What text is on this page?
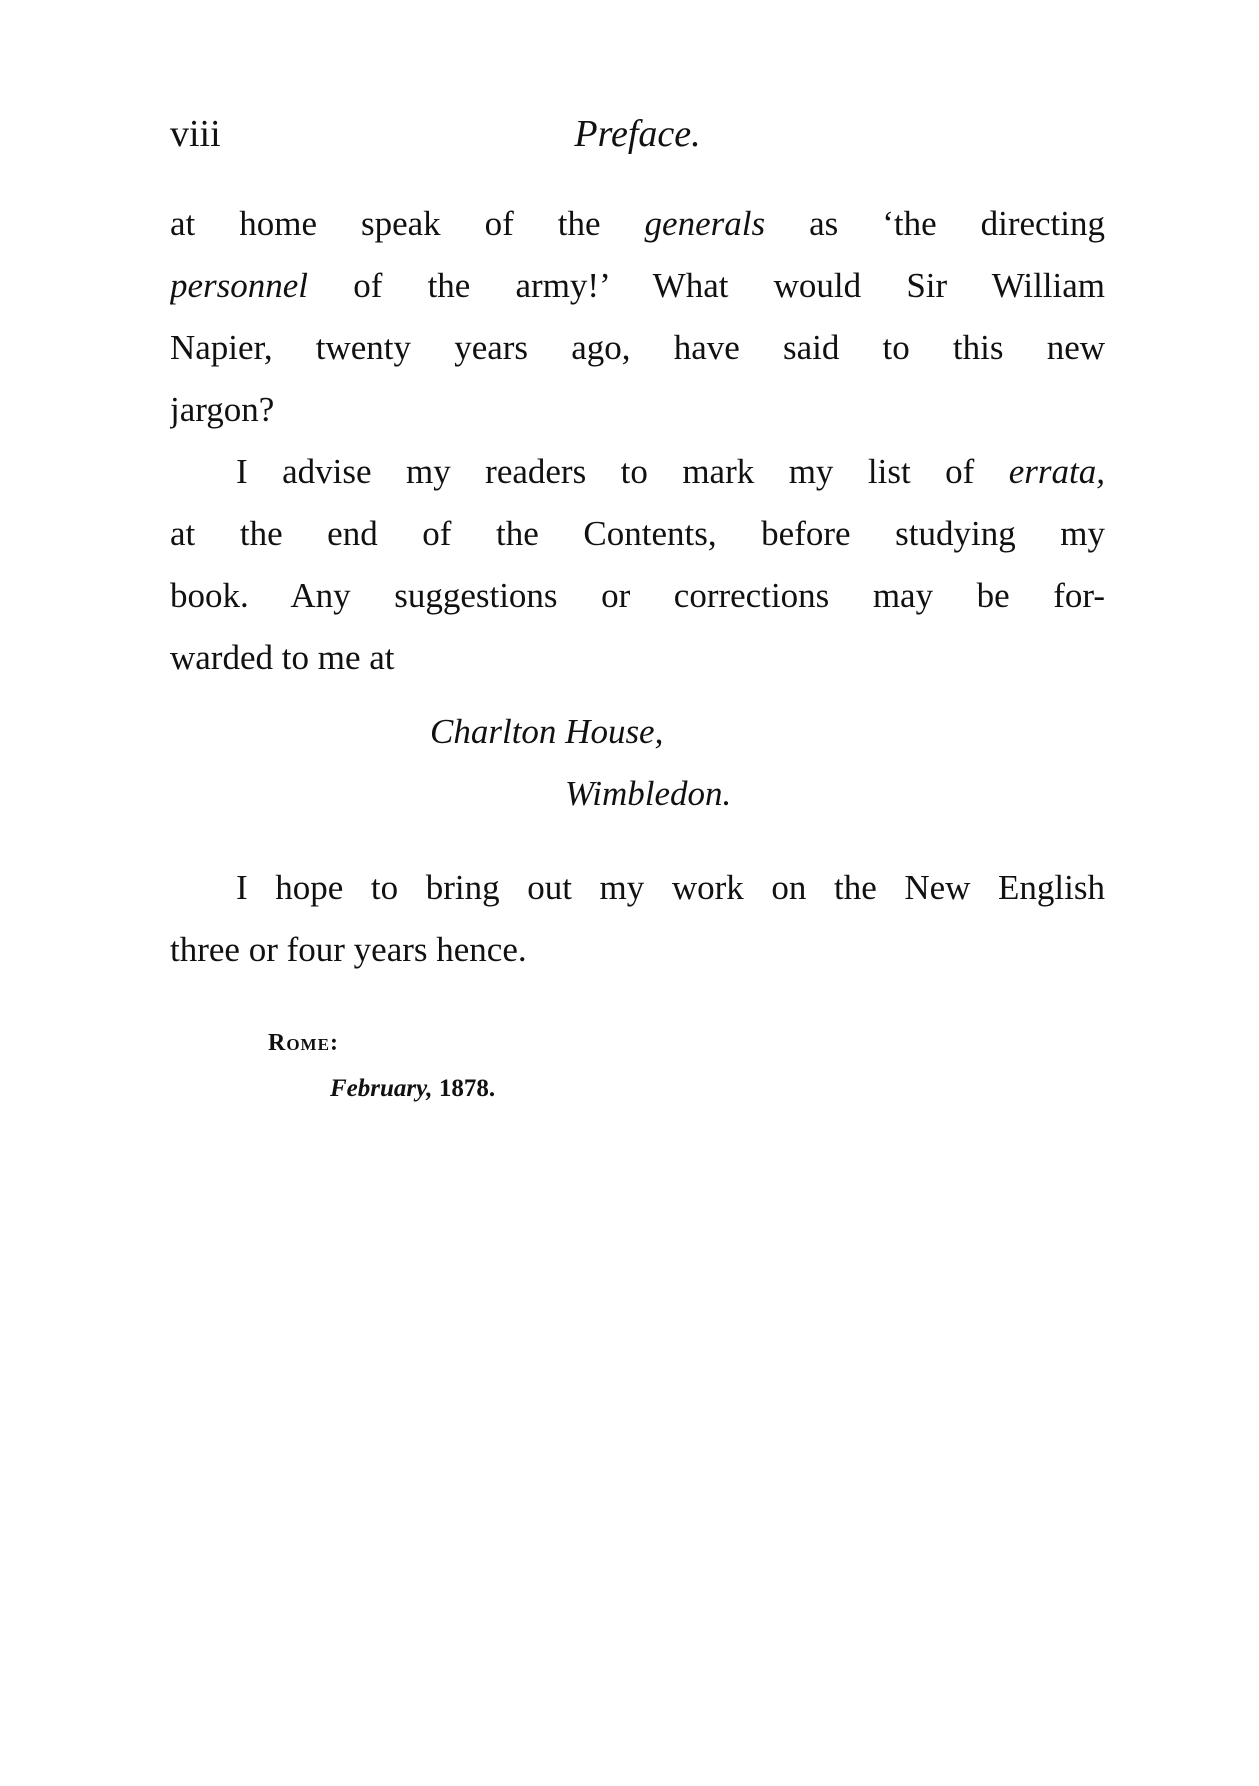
viii	Preface.
at home speak of the generals as ‘the directing
personnel of the army!’ What would Sir William
Napier, twenty years ago, have said to this new
jargon?
I advise my readers to mark my list of errata,
at the end of the Contents, before studying my
book. Any suggestions or corrections may be for-
warded to me at
Charlton House,
Wimbledon.
I hope to bring out my work on the New English
three or four years hence.
Rome:
February, 1878.
